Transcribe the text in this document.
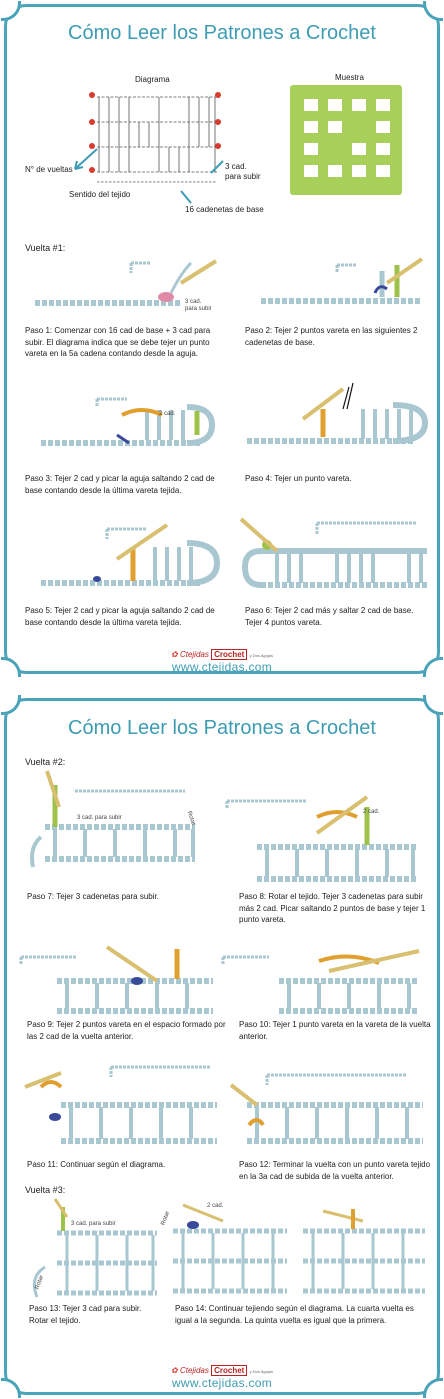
Cómo Leer los Patrones a Crochet
Diagrama	Muestra
N° de vueltas	3 cad.
para subir
Sentido del tejido
16 cadenetas de base
Vuelta #1:
3 cad.
para subir
Paso 1: Comenzar con 16 cad de base + 3 cad para subir. El diagrama indica que se debe tejer un punto vareta en la 5a cadena contando desde la aguja.
Paso 2: Tejer 2 puntos vareta en las siguientes 2 cadenetas de base.
2 cad.
Paso 3: Tejer 2 cad y picar la aguja saltando 2 cad de base contando desde la última vareta tejida.
Paso 4: Tejer un punto vareta.
Paso 5: Tejer 2 cad y picar la aguja saltando 2 cad de base contando desde la última vareta tejida.
Paso 6: Tejer 2 cad más y saltar 2 cad de base. Tejer 4 puntos vareta.
✿ Ctejidas Crochet y Dos Agujas
www.ctejidas.com
Cómo Leer los Patrones a Crochet
Vuelta #2:
3 cad. para subir	Rotar	2 cad.
Paso 7: Tejer 3 cadenetas para subir.	Paso 8: Rotar el tejido. Tejer 3 cadenetas para subir más 2 cad. Picar saltando 2 puntos de base y tejer 1 punto vareta.
Paso 9: Tejer 2 puntos vareta en el espacio formado por las 2 cad de la vuelta anterior.
Paso 10: Tejer 1 punto vareta en la vareta de la vuelta anterior.
Paso 11: Continuar según el diagrama.	Paso 12: Terminar la vuelta con un punto vareta tejido en la 3a cad de subida de la vuelta anterior.
Vuelta #3:
3 cad. para subir
Rotar
2 cad.
Rotar
Paso 13: Tejer 3 cad para subir. Rotar el tejido.
Paso 14: Continuar tejiendo según el diagrama. La cuarta vuelta es igual a la segunda. La quinta vuelta es igual que la primera.
✿ Ctejidas Crochet y Dos Agujas
www.ctejidas.com
